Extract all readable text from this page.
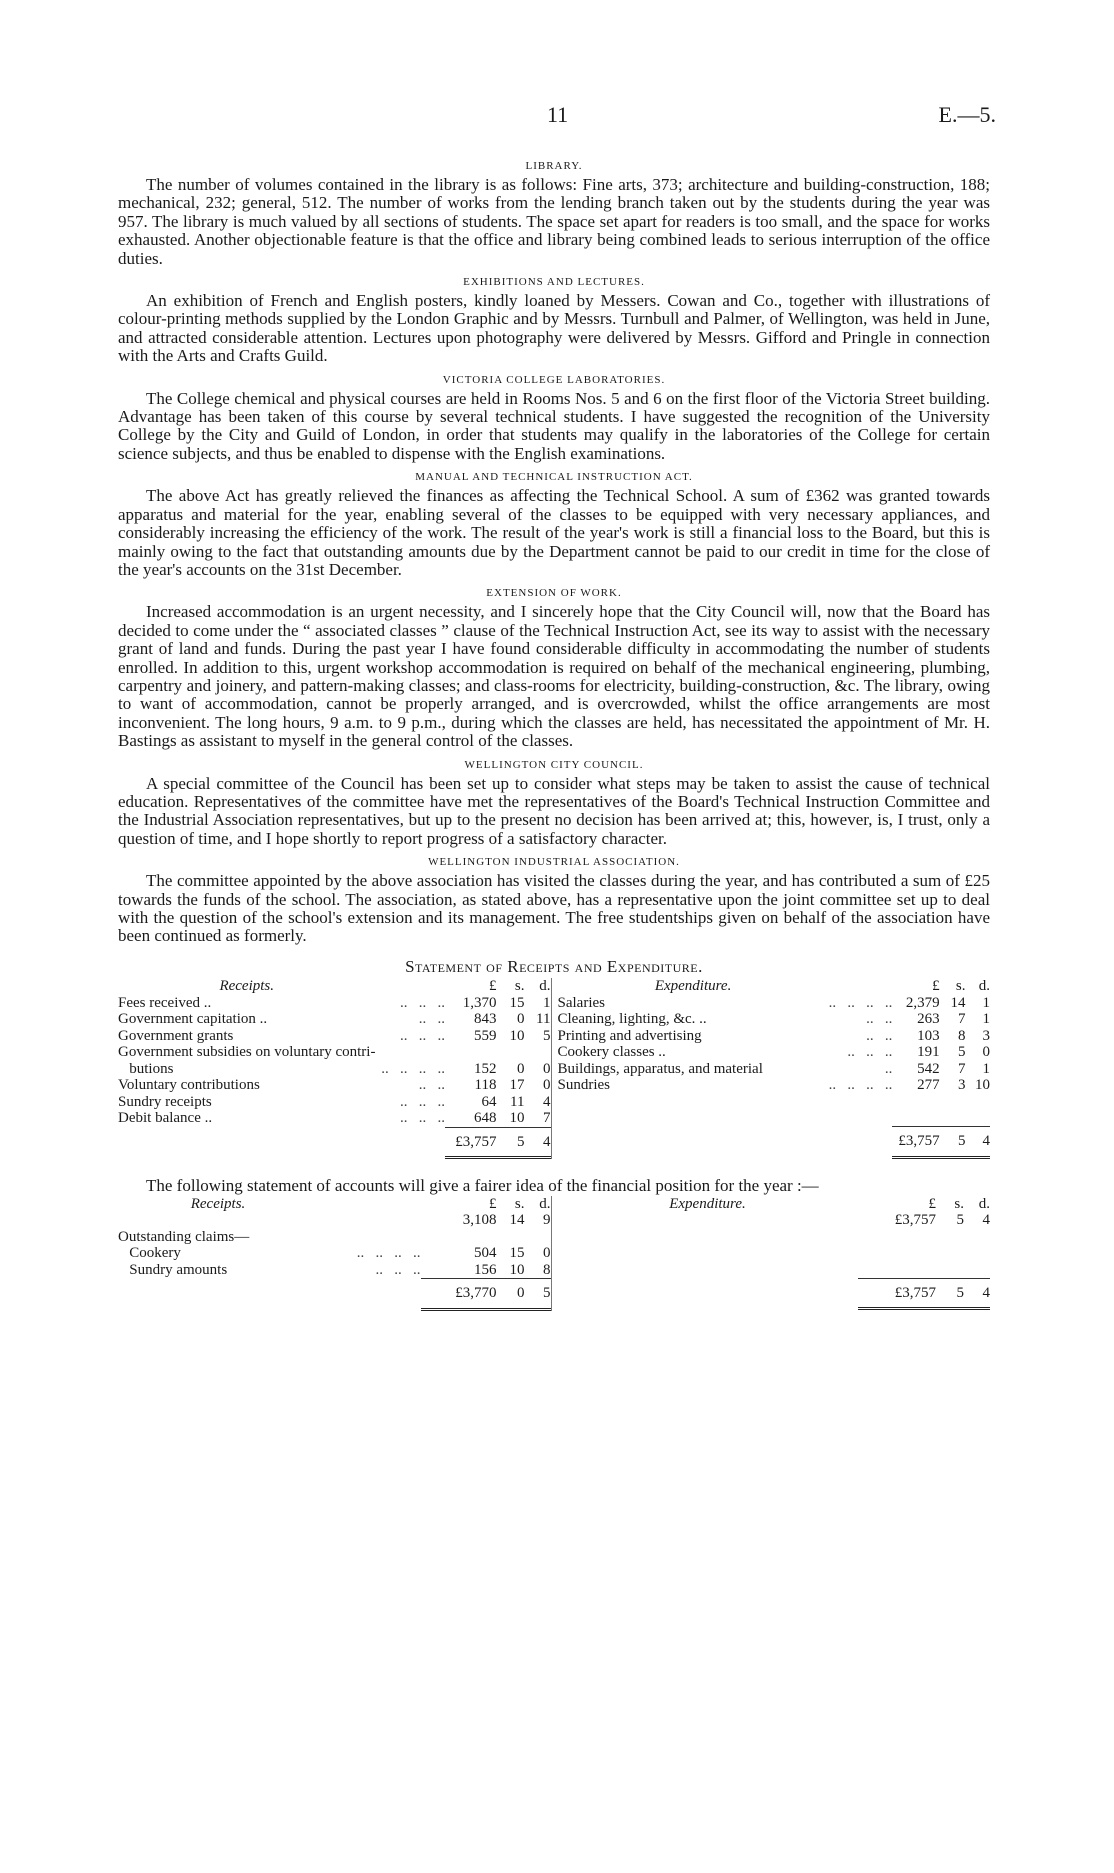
11	E.—5.
LIBRARY.

The number of volumes contained in the library is as follows: Fine arts, 373; architecture and building-construction, 188; mechanical, 232; general, 512. The number of works from the lending branch taken out by the students during the year was 957. The library is much valued by all sections of students. The space set apart for readers is too small, and the space for works exhausted. Another objectionable feature is that the office and library being combined leads to serious interruption of the office duties.

EXHIBITIONS AND LECTURES.

An exhibition of French and English posters, kindly loaned by Messers. Cowan and Co., together with illustrations of colour-printing methods supplied by the London Graphic and by Messrs. Turnbull and Palmer, of Wellington, was held in June, and attracted considerable attention. Lectures upon photography were delivered by Messrs. Gifford and Pringle in connection with the Arts and Crafts Guild.

VICTORIA COLLEGE LABORATORIES.

The College chemical and physical courses are held in Rooms Nos. 5 and 6 on the first floor of the Victoria Street building. Advantage has been taken of this course by several technical students. I have suggested the recognition of the University College by the City and Guild of London, in order that students may qualify in the laboratories of the College for certain science subjects, and thus be enabled to dispense with the English examinations.

MANUAL AND TECHNICAL INSTRUCTION ACT.

The above Act has greatly relieved the finances as affecting the Technical School. A sum of £362 was granted towards apparatus and material for the year, enabling several of the classes to be equipped with very necessary appliances, and considerably increasing the efficiency of the work. The result of the year's work is still a financial loss to the Board, but this is mainly owing to the fact that outstanding amounts due by the Department cannot be paid to our credit in time for the close of the year's accounts on the 31st December.

EXTENSION OF WORK.

Increased accommodation is an urgent necessity, and I sincerely hope that the City Council will, now that the Board has decided to come under the “ associated classes ” clause of the Technical Instruction Act, see its way to assist with the necessary grant of land and funds. During the past year I have found considerable difficulty in accommodating the number of students enrolled. In addition to this, urgent workshop accommodation is required on behalf of the mechanical engineering, plumbing, carpentry and joinery, and pattern-making classes; and class-rooms for electricity, building-construction, &c. The library, owing to want of accommodation, cannot be properly arranged, and is overcrowded, whilst the office arrangements are most inconvenient. The long hours, 9 a.m. to 9 p.m., during which the classes are held, has necessitated the appointment of Mr. H. Bastings as assistant to myself in the general control of the classes.

WELLINGTON CITY COUNCIL.

A special committee of the Council has been set up to consider what steps may be taken to assist the cause of technical education. Representatives of the committee have met the representatives of the Board's Technical Instruction Committee and the Industrial Association representatives, but up to the present no decision has been arrived at; this, however, is, I trust, only a question of time, and I hope shortly to report progress of a satisfactory character.

WELLINGTON INDUSTRIAL ASSOCIATION.

The committee appointed by the above association has visited the classes during the year, and has contributed a sum of £25 towards the funds of the school. The association, as stated above, has a representative upon the joint committee set up to deal with the question of the school's extension and its management. The free studentships given on behalf of the association have been continued as formerly.

Statement of Receipts and Expenditure.
Receipts.		£	s.	d.
Fees received ..	..   ..   ..	1,370	15	1
Government capitation ..	..   ..	843	0	11
Government grants	..   ..   ..	559	10	5
Government subsidies on voluntary contri-				
butions	..   ..   ..   ..	152	0	0
Voluntary contributions	..   ..	118	17	0
Sundry receipts	..   ..   ..	64	11	4
Debit balance ..	..   ..   ..	648	10	7
		£3,757	5	4

Expenditure.		£	s.	d.
Salaries	..   ..   ..   ..	2,379	14	1
Cleaning, lighting, &c. ..	..   ..	263	7	1
Printing and advertising	..   ..	103	8	3
Cookery classes ..	..   ..   ..	191	5	0
Buildings, apparatus, and material	..	542	7	1
Sundries	..   ..   ..   ..	277	3	10

		£3,757	5	4

The following statement of accounts will give a fairer idea of the financial position for the year :—

Receipts.		£	s.	d.
		3,108	14	9
Outstanding claims—				
Cookery	..   ..   ..   ..	504	15	0
Sundry amounts	..   ..   ..	156	10	8
		£3,770	0	5

Expenditure.		£	s.	d.
		£3,757	5	4

		£3,757	5	4
